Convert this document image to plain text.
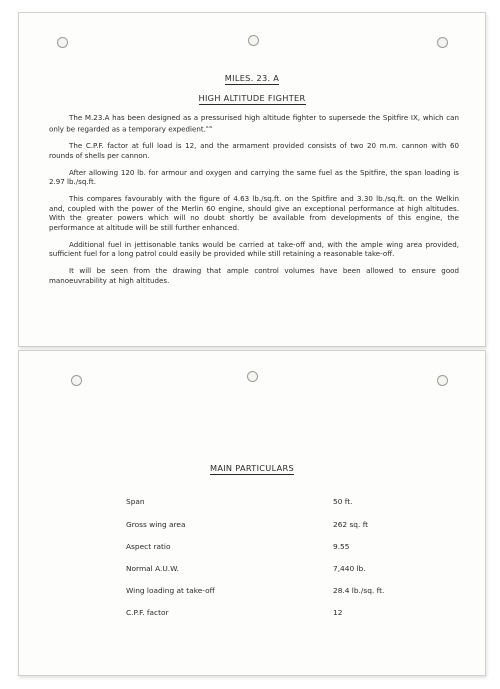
MILES. 23. A
HIGH ALTITUDE FIGHTER

The M.23.A has been designed as a pressurised high altitude fighter to supersede the Spitfire IX, which can only be regarded as a temporary expedient.$^{a-w}$

The C.P.F. factor at full load is 12, and the armament provided consists of two 20 m.m. cannon with 60 rounds of shells per cannon.

After allowing 120 lb. for armour and oxygen and carrying the same fuel as the Spitfire, the span loading is 2.97 lb./sq.ft.

This compares favourably with the figure of 4.63 lb./sq.ft. on the Spitfire and 3.30 lb./sq.ft. on the Welkin and, coupled with the power of the Merlin 60 engine, should give an exceptional performance at high altitudes. With the greater powers which will no doubt shortly be available from developments of this engine, the performance at altitude will be still further enhanced.

Additional fuel in jettisonable tanks would be carried at take-off and, with the ample wing area provided, sufficient fuel for a long patrol could easily be provided while still retaining a reasonable take-off.

It will be seen from the drawing that ample control volumes have been allowed to ensure good manoeuvrability at high altitudes.

MAIN PARTICULARS
Span	50 ft.
Gross wing area	262 sq. ft
Aspect ratio	9.55
Normal A.U.W.	7,440 lb.
Wing loading at take-off	28.4 lb./sq. ft.
C.P.F. factor	12
